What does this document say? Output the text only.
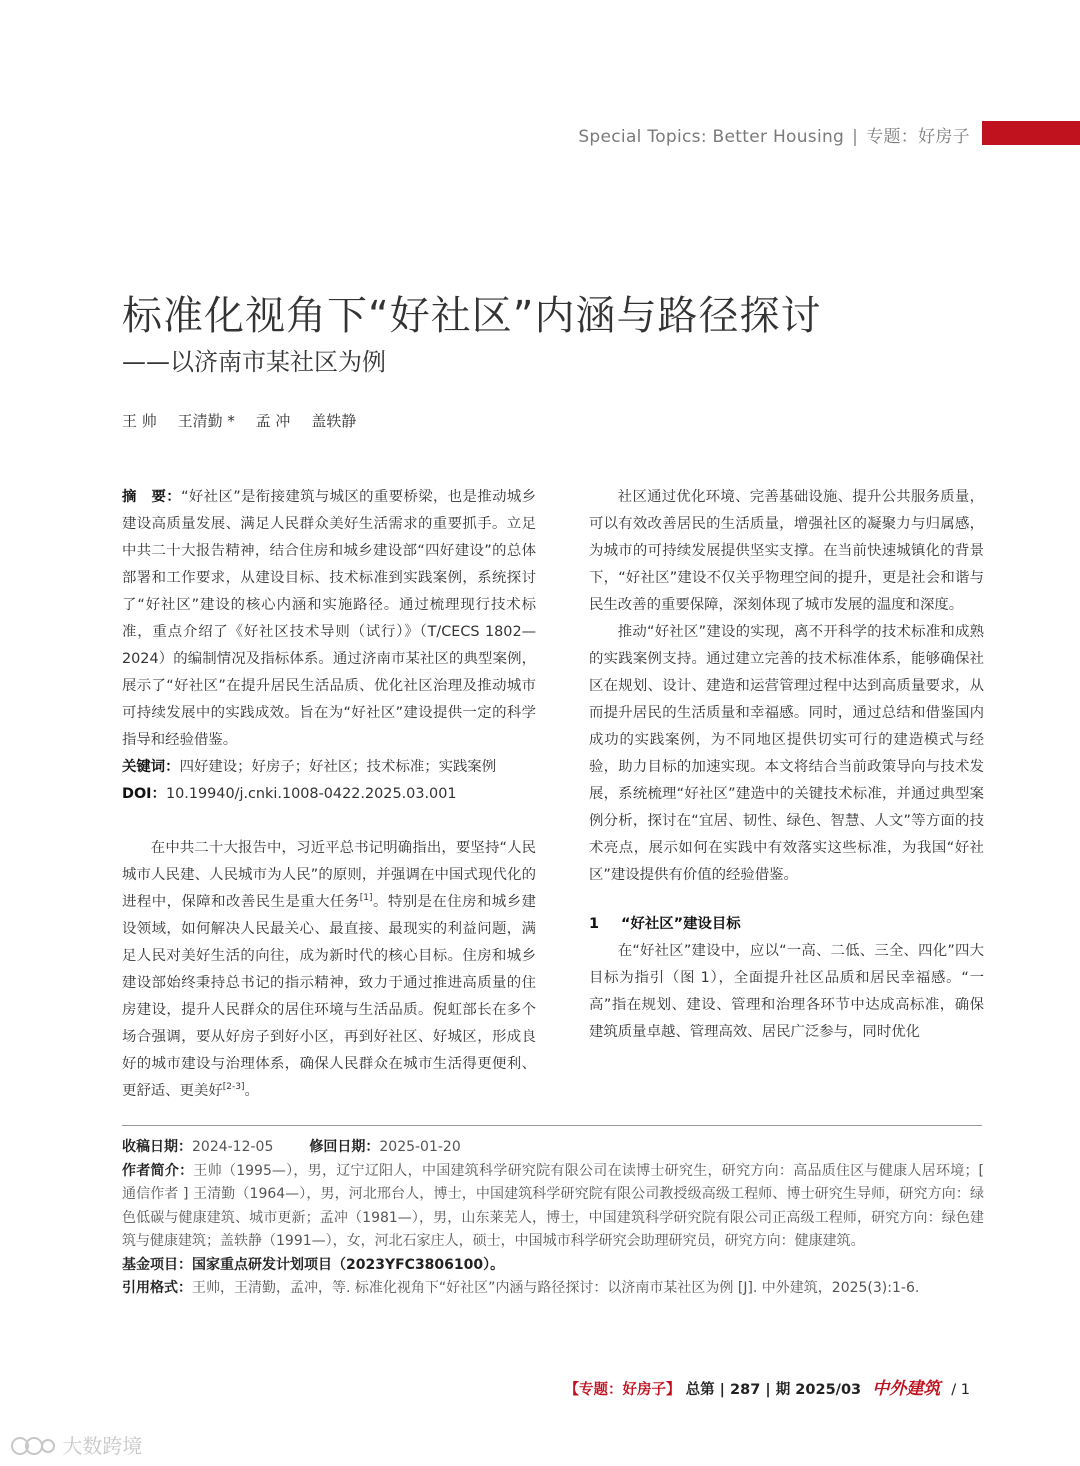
Special Topics: Better Housing | 专题：好房子
标准化视角下“好社区”内涵与路径探讨
——以济南市某社区为例
王 帅 王清勤 * 孟 冲 盖轶静

摘　要：“好社区”是衔接建筑与城区的重要桥梁，也是推动城乡建设高质量发展、满足人民群众美好生活需求的重要抓手。立足中共二十大报告精神，结合住房和城乡建设部“四好建设”的总体部署和工作要求，从建设目标、技术标准到实践案例，系统探讨了“好社区”建设的核心内涵和实施路径。通过梳理现行技术标准，重点介绍了《好社区技术导则（试行）》（T/CECS 1802—2024）的编制情况及指标体系。通过济南市某社区的典型案例，展示了“好社区”在提升居民生活品质、优化社区治理及推动城市可持续发展中的实践成效。旨在为“好社区”建设提供一定的科学指导和经验借鉴。

关键词：四好建设；好房子；好社区；技术标准；实践案例

DOI：10.19940/j.cnki.1008-0422.2025.03.001

在中共二十大报告中，习近平总书记明确指出，要坚持“人民城市人民建、人民城市为人民”的原则，并强调在中国式现代化的进程中，保障和改善民生是重大任务[1]。特别是在住房和城乡建设领域，如何解决人民最关心、最直接、最现实的利益问题，满足人民对美好生活的向往，成为新时代的核心目标。住房和城乡建设部始终秉持总书记的指示精神，致力于通过推进高质量的住房建设，提升人民群众的居住环境与生活品质。倪虹部长在多个场合强调，要从好房子到好小区，再到好社区、好城区，形成良好的城市建设与治理体系，确保人民群众在城市生活得更便利、更舒适、更美好[2-3]。

社区通过优化环境、完善基础设施、提升公共服务质量，可以有效改善居民的生活质量，增强社区的凝聚力与归属感，为城市的可持续发展提供坚实支撑。在当前快速城镇化的背景下，“好社区”建设不仅关乎物理空间的提升，更是社会和谐与民生改善的重要保障，深刻体现了城市发展的温度和深度。

推动“好社区”建设的实现，离不开科学的技术标准和成熟的实践案例支持。通过建立完善的技术标准体系，能够确保社区在规划、设计、建造和运营管理过程中达到高质量要求，从而提升居民的生活质量和幸福感。同时，通过总结和借鉴国内成功的实践案例，为不同地区提供切实可行的建造模式与经验，助力目标的加速实现。本文将结合当前政策导向与技术发展，系统梳理“好社区”建造中的关键技术标准，并通过典型案例分析，探讨在“宜居、韧性、绿色、智慧、人文”等方面的技术亮点，展示如何在实践中有效落实这些标准，为我国“好社区”建设提供有价值的经验借鉴。

1 “好社区”建设目标

在“好社区”建设中，应以“一高、二低、三全、四化”四大目标为指引（图 1），全面提升社区品质和居民幸福感。“一高”指在规划、建设、管理和治理各环节中达成高标准，确保建筑质量卓越、管理高效、居民广泛参与，同时优化

收稿日期：2024-12-05	修回日期：2025-01-20

作者简介：王帅（1995—），男，辽宁辽阳人，中国建筑科学研究院有限公司在读博士研究生，研究方向：高品质住区与健康人居环境；[ 通信作者 ] 王清勤（1964—），男，河北邢台人，博士，中国建筑科学研究院有限公司教授级高级工程师、博士研究生导师，研究方向：绿色低碳与健康建筑、城市更新；孟冲（1981—），男，山东莱芜人，博士，中国建筑科学研究院有限公司正高级工程师，研究方向：绿色建筑与健康建筑；盖轶静（1991—），女，河北石家庄人，硕士，中国城市科学研究会助理研究员，研究方向：健康建筑。

基金项目：国家重点研发计划项目（2023YFC3806100）。

引用格式：王帅，王清勤，孟冲，等. 标准化视角下“好社区”内涵与路径探讨：以济南市某社区为例 [J]. 中外建筑，2025(3):1-6.

【专题：好房子】 总第 | 287 | 期 2025/03 中外建筑 / 1
大数跨境
